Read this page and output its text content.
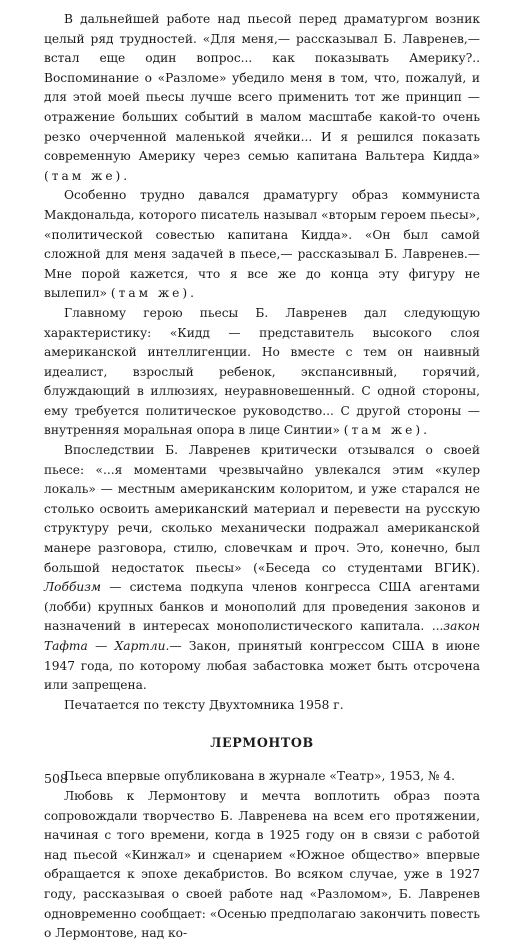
В дальнейшей работе над пьесой перед драматургом возник целый ряд трудностей. «Для меня,— рассказывал Б. Лавренев,— встал еще один вопрос... как показывать Америку?.. Воспоминание о «Разломе» убедило меня в том, что, пожалуй, и для этой моей пьесы лучше всего применить тот же принцип — отражение больших событий в малом масштабе какой-то очень резко очерченной маленькой ячейки... И я решился показать современную Америку через семью капитана Вальтера Кидда» (там же).

Особенно трудно давался драматургу образ коммуниста Макдональда, которого писатель называл «вторым героем пьесы», «политической совестью капитана Кидда». «Он был самой сложной для меня задачей в пьесе,— рассказывал Б. Лавренев.— Мне порой кажется, что я все же до конца эту фигуру не вылепил» (там же).

Главному герою пьесы Б. Лавренев дал следующую характеристику: «Кидд — представитель высокого слоя американской интеллигенции. Но вместе с тем он наивный идеалист, взрослый ребенок, экспансивный, горячий, блуждающий в иллюзиях, неуравновешенный. С одной стороны, ему требуется политическое руководство... С другой стороны — внутренняя моральная опора в лице Синтии» (там же).

Впоследствии Б. Лавренев критически отзывался о своей пьесе: «...я моментами чрезвычайно увлекался этим «кулер локаль» — местным американским колоритом, и уже старался не столько освоить американский материал и перевести на русскую структуру речи, сколько механически подражал американской манере разговора, стилю, словечкам и проч. Это, конечно, был большой недостаток пьесы» («Беседа со студентами ВГИК). Лоббизм — система подкупа членов конгресса США агентами (лобби) крупных банков и монополий для проведения законов и назначений в интересах монополистического капитала. ...закон Тафта — Хартли.— Закон, принятый конгрессом США в июне 1947 года, по которому любая забастовка может быть отсрочена или запрещена.

Печатается по тексту Двухтомника 1958 г.

ЛЕРМОНТОВ

Пьеса впервые опубликована в журнале «Театр», 1953, № 4.

Любовь к Лермонтову и мечта воплотить образ поэта сопровождали творчество Б. Лавренева на всем его протяжении, начиная с того времени, когда в 1925 году он в связи с работой над пьесой «Кинжал» и сценарием «Южное общество» впервые обращается к эпохе декабристов. Во всяком случае, уже в 1927 году, рассказывая о своей работе над «Разломом», Б. Лавренев одновременно сообщает: «Осенью предполагаю закончить повесть о Лермонтове, над ко-

508
